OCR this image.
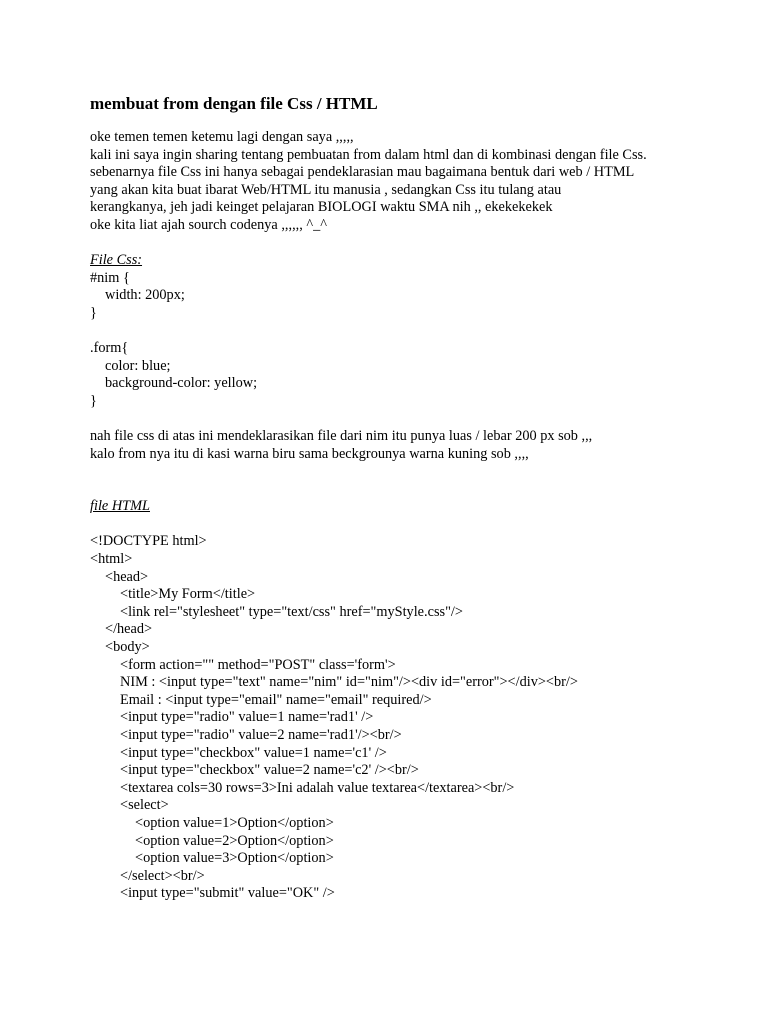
membuat from dengan file Css / HTML
oke temen temen ketemu lagi dengan saya ,,,,,
kali ini saya ingin sharing tentang pembuatan from dalam html dan di kombinasi dengan file Css.
sebenarnya file Css ini hanya sebagai pendeklarasian mau bagaimana bentuk dari web / HTML
yang akan kita buat ibarat Web/HTML itu manusia , sedangkan Css itu tulang atau
kerangkanya, jeh jadi keinget pelajaran BIOLOGI waktu SMA nih ,, ekekekekek
oke kita liat ajah sourch codenya ,,,,,, ^_^
File Css:
#nim {
width: 200px;
}
.form{
color: blue;
background-color: yellow;
}
nah file css di atas ini mendeklarasikan file dari nim itu punya luas / lebar 200 px sob ,,,
kalo from nya itu di kasi warna biru sama beckgrounya warna kuning sob ,,,,
file HTML
<!DOCTYPE html>
<html>
<head>
<title>My Form</title>
<link rel="stylesheet" type="text/css" href="myStyle.css"/>
</head>
<body>
<form action="" method="POST" class='form'>
NIM : <input type="text" name="nim" id="nim"/><div id="error"></div><br/>
Email : <input type="email" name="email" required/>
<input type="radio" value=1 name='rad1' />
<input type="radio" value=2 name='rad1'/><br/>
<input type="checkbox" value=1 name='c1' />
<input type="checkbox" value=2 name='c2' /><br/>
<textarea cols=30 rows=3>Ini adalah value textarea</textarea><br/>
<select>
<option value=1>Option</option>
<option value=2>Option</option>
<option value=3>Option</option>
</select><br/>
<input type="submit" value="OK" />
